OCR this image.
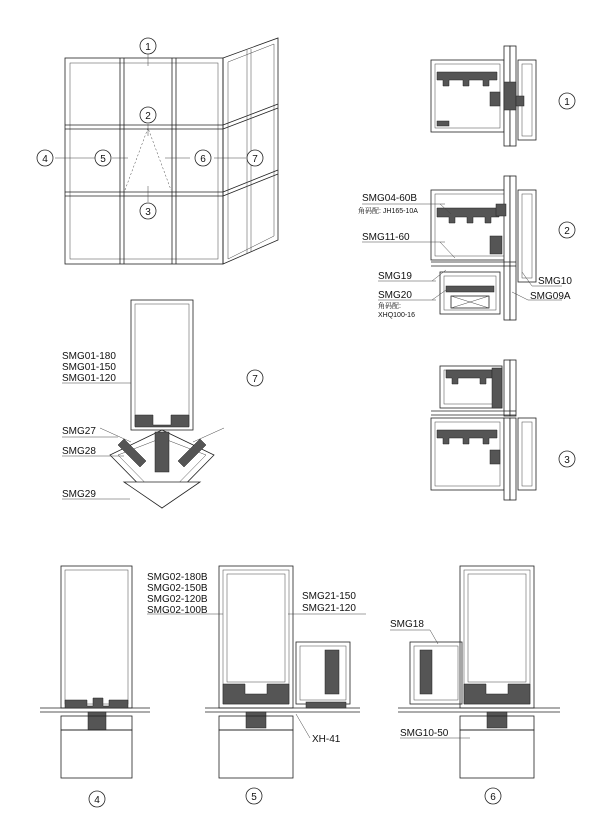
1
2
3
4	5	6	7
1
SMG04-60B
角码配: JH165-10A
SMG11-60
SMG19
SMG20
角码配:
XHQ100-16
SMG10
SMG09A
2
3
SMG01-180
SMG01-150
SMG01-120
SMG27
SMG28
SMG29
7
4
SMG02-180B
SMG02-150B
SMG02-120B
SMG02-100B
SMG21-150
SMG21-120
XH-41
5
SMG18
SMG10-50
6
